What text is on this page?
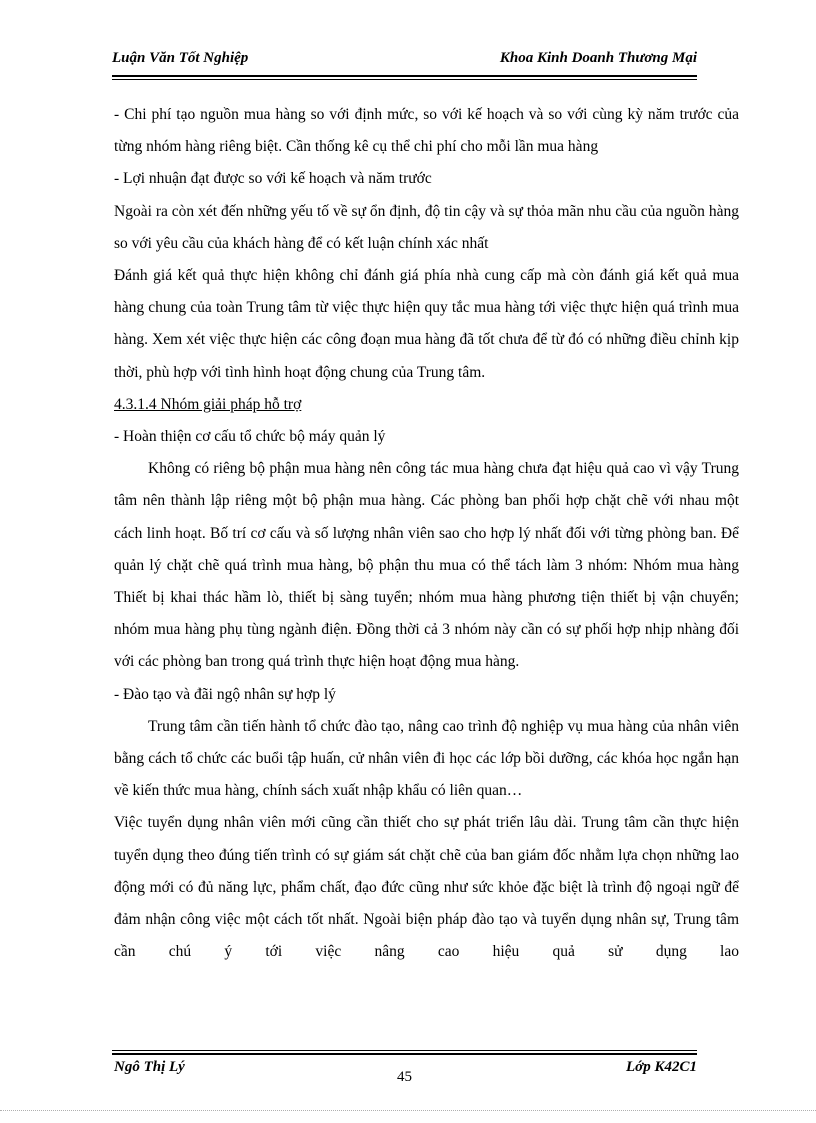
Luận Văn Tốt Nghiệp	Khoa Kinh Doanh Thương Mại

- Chi phí tạo nguồn mua hàng so với định mức, so với kế hoạch và so với cùng kỳ năm trước của từng nhóm hàng riêng biệt. Cần thống kê cụ thể chi phí cho mỗi lần mua hàng

- Lợi nhuận đạt được so với kế hoạch và năm trước

Ngoài ra còn xét đến những yếu tố về sự ổn định, độ tin cậy và sự thỏa mãn nhu cầu của nguồn hàng so với yêu cầu của khách hàng để có kết luận chính xác nhất

Đánh giá kết quả thực hiện không chỉ đánh giá phía nhà cung cấp mà còn đánh giá kết quả mua hàng chung của toàn Trung tâm từ việc thực hiện quy tắc mua hàng tới việc thực hiện quá trình mua hàng. Xem xét việc thực hiện các công đoạn mua hàng đã tốt chưa để từ đó có những điều chỉnh kịp thời, phù hợp với tình hình hoạt động chung của Trung tâm.

4.3.1.4 Nhóm giải pháp hỗ trợ

- Hoàn thiện cơ cấu tổ chức bộ máy quản lý

Không có riêng bộ phận mua hàng nên công tác mua hàng chưa đạt hiệu quả cao vì vậy Trung tâm nên thành lập riêng một bộ phận mua hàng. Các phòng ban phối hợp chặt chẽ với nhau một cách linh hoạt. Bố trí cơ cấu và số lượng nhân viên sao cho hợp lý nhất đối với từng phòng ban. Để quản lý chặt chẽ quá trình mua hàng, bộ phận thu mua có thể tách làm 3 nhóm: Nhóm mua hàng Thiết bị khai thác hầm lò, thiết bị sàng tuyển; nhóm mua hàng phương tiện thiết bị vận chuyển; nhóm mua hàng phụ tùng ngành điện. Đồng thời cả 3 nhóm này cần có sự phối hợp nhịp nhàng đối với các phòng ban trong quá trình thực hiện hoạt động mua hàng.

- Đào tạo và đãi ngộ nhân sự hợp lý

Trung tâm cần tiến hành tổ chức đào tạo, nâng cao trình độ nghiệp vụ mua hàng của nhân viên bằng cách tổ chức các buổi tập huấn, cử nhân viên đi học các lớp bồi dưỡng, các khóa học ngắn hạn về kiến thức mua hàng, chính sách xuất nhập khẩu có liên quan…

Việc tuyển dụng nhân viên mới cũng cần thiết cho sự phát triển lâu dài. Trung tâm cần thực hiện tuyển dụng theo đúng tiến trình có sự giám sát chặt chẽ của ban giám đốc nhằm lựa chọn những lao động mới có đủ năng lực, phẩm chất, đạo đức cũng như sức khỏe đặc biệt là trình độ ngoại ngữ để đảm nhận công việc một cách tốt nhất. Ngoài biện pháp đào tạo và tuyển dụng nhân sự, Trung tâm cần chú ý tới việc nâng cao hiệu quả sử dụng lao

Ngô Thị Lý
45
Lớp K42C1
